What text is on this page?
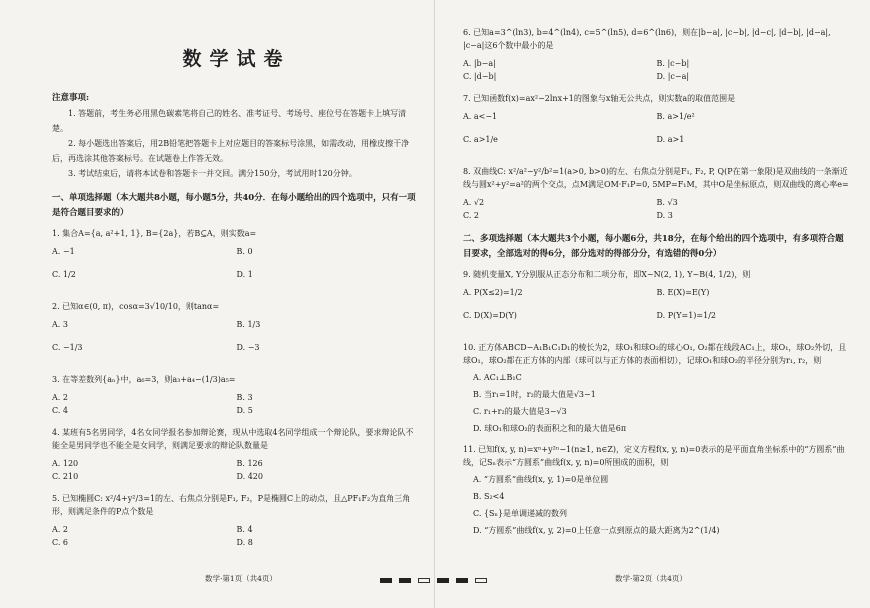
数学试卷
注意事项:

1. 答题前，考生务必用黑色碳素笔将自己的姓名、准考证号、考场号、座位号在答题卡上填写清楚。

2. 每小题选出答案后，用2B铅笔把答题卡上对应题目的答案标号涂黑，如需改动，用橡皮擦干净后，再选涂其他答案标号。在试题卷上作答无效。

3. 考试结束后，请将本试卷和答题卡一并交回。满分150分，考试用时120分钟。

一、单项选择题（本大题共8小题，每小题5分，共40分．在每小题给出的四个选项中，只有一项是符合题目要求的）

1. 集合A={a, a²+1, 1}, B={2a}，若B⊆A，则实数a=

A. −1	B. 0
C. 1/2	D. 1

2. 已知α∈(0, π)，cosα=3√10/10，则tanα=

A. 3	B. 1/3
C. −1/3	D. −3

3. 在等差数列{aₙ}中，a₆=3，则a₃+a₄−(1/3)a₅=

A. 2	B. 3
C. 4	D. 5

4. 某班有5名男同学，4名女同学报名参加辩论赛，现从中选取4名同学组成一个辩论队，要求辩论队不能全是男同学也不能全是女同学，则满足要求的辩论队数量是

A. 120	B. 126
C. 210	D. 420

5. 已知椭圆C: x²/4+y²/3=1的左、右焦点分别是F₁, F₂，P是椭圆C上的动点，且△PF₁F₂为直角三角形，则满足条件的P点个数是

A. 2	B. 4
C. 6	D. 8
数学·第1页（共4页）

6. 已知a=3^(ln3), b=4^(ln4), c=5^(ln5), d=6^(ln6)，则在|b−a|, |c−b|, |d−c|, |d−b|, |d−a|, |c−a|这6个数中最小的是

A. |b−a|	B. |c−b|
C. |d−b|	D. |c−a|

7. 已知函数f(x)=ax²−2lnx+1的图象与x轴无公共点，则实数a的取值范围是

A. a<−1	B. a>1/e²
C. a>1/e	D. a>1

8. 双曲线C: x²/a²−y²/b²=1(a>0, b>0)的左、右焦点分别是F₁, F₂, P, Q(P在第一象限)是双曲线的一条渐近线与圆x²+y²=a²的两个交点，点M满足OM·F₁P=0, 5MP=F₁M，其中O是坐标原点，则双曲线的离心率e=

A. √2	B. √3
C. 2	D. 3
二、多项选择题（本大题共3个小题，每小题6分，共18分，在每个给出的四个选项中，有多项符合题目要求，全部选对的得6分，部分选对的得部分分，有选错的得0分）

9. 随机变量X, Y分别服从正态分布和二项分布，即X~N(2, 1), Y~B(4, 1/2)，则

A. P(X≤2)=1/2	B. E(X)=E(Y)
C. D(X)=D(Y)	D. P(Y=1)=1/2

10. 正方体ABCD−A₁B₁C₁D₁的棱长为2，球O₁和球O₂的球心O₁, O₂都在线段AC₁上，球O₁，球O₂外切，且球O₁，球O₂都在正方体的内部（球可以与正方体的表面相切），记球O₁和球O₂的半径分别为r₁, r₂，则

A. AC₁⊥B₁C
B. 当r₁=1时，r₂的最大值是√3−1
C. r₁+r₂的最大值是3−√3
D. 球O₁和球O₂的表面积之和的最大值是6π

11. 已知f(x, y, n)=xⁿ+y²ⁿ−1(n≥1, n∈Z)，定义方程f(x, y, n)=0表示的是平面直角坐标系中的“方圆系”曲线，记Sₙ表示“方圆系”曲线f(x, y, n)=0所围成的面积，则

A. “方圆系”曲线f(x, y, 1)=0是单位圆
B. S₂<4
C. {Sₙ}是单调递减的数列
D. “方圆系”曲线f(x, y, 2)=0上任意一点到原点的最大距离为2^(1/4)
数学·第2页（共4页）
